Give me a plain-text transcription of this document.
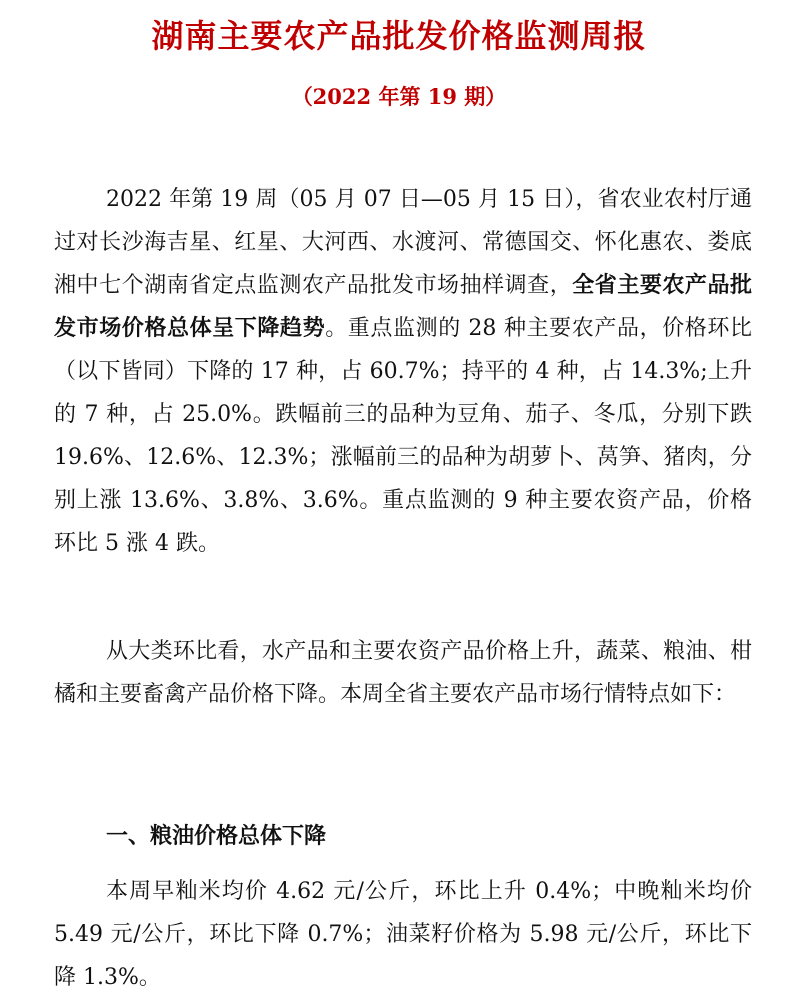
湖南主要农产品批发价格监测周报
（2022 年第 19 期）

2022 年第 19 周（05 月 07 日—05 月 15 日），省农业农村厅通过对长沙海吉星、红星、大河西、水渡河、常德国交、怀化惠农、娄底湘中七个湖南省定点监测农产品批发市场抽样调查，全省主要农产品批发市场价格总体呈下降趋势。重点监测的 28 种主要农产品，价格环比（以下皆同）下降的 17 种，占 60.7%；持平的 4 种，占 14.3%;上升的 7 种，占 25.0%。跌幅前三的品种为豆角、茄子、冬瓜，分别下跌 19.6%、12.6%、12.3%；涨幅前三的品种为胡萝卜、莴笋、猪肉，分别上涨 13.6%、3.8%、3.6%。重点监测的 9 种主要农资产品，价格环比 5 涨 4 跌。

从大类环比看，水产品和主要农资产品价格上升，蔬菜、粮油、柑橘和主要畜禽产品价格下降。本周全省主要农产品市场行情特点如下：

一、粮油价格总体下降

本周早籼米均价 4.62 元/公斤，环比上升 0.4%；中晚籼米均价 5.49 元/公斤，环比下降 0.7%；油菜籽价格为 5.98 元/公斤，环比下降 1.3%。
